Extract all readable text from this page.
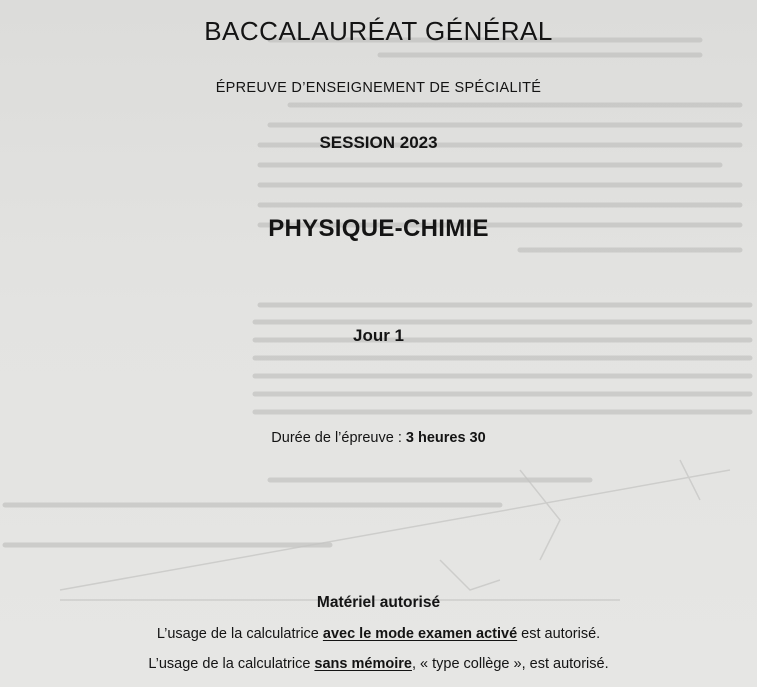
BACCALAURÉAT GÉNÉRAL
ÉPREUVE D’ENSEIGNEMENT DE SPÉCIALITÉ
SESSION 2023
PHYSIQUE-CHIMIE
Jour 1
Durée de l’épreuve : 3 heures 30
Matériel autorisé
L’usage de la calculatrice avec le mode examen activé est autorisé.
L’usage de la calculatrice sans mémoire, « type collège », est autorisé.
